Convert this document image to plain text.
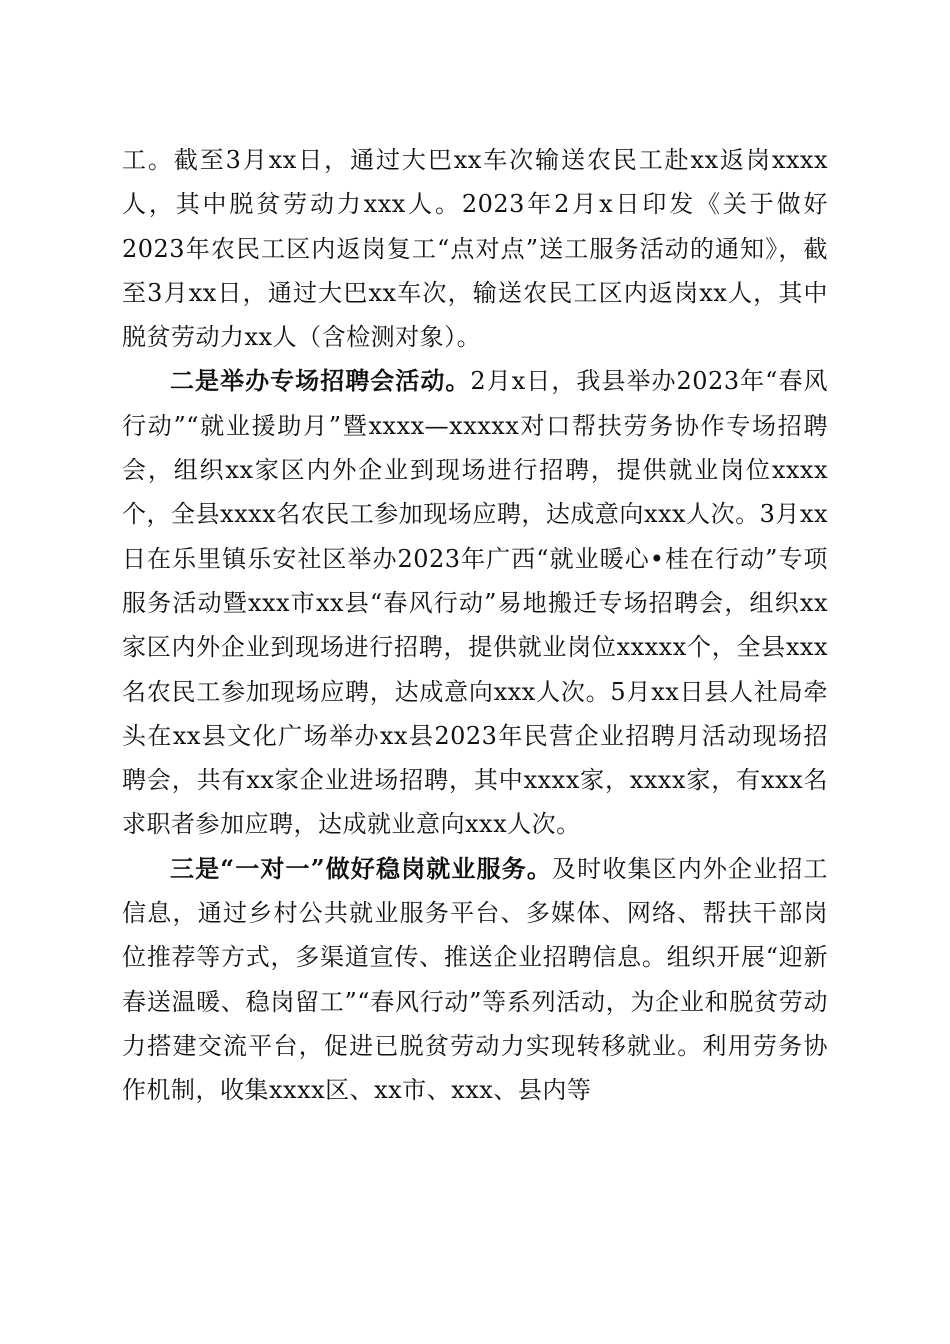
工。截至3月xx日，通过大巴xx车次输送农民工赴xx返岗xxxx人，其中脱贫劳动力xxx人。2023年2月x日印发《关于做好2023年农民工区内返岗复工“点对点”送工服务活动的通知》，截至3月xx日，通过大巴xx车次，输送农民工区内返岗xx人，其中脱贫劳动力xx人（含检测对象）。

二是举办专场招聘会活动。2月x日，我县举办2023年“春风行动”“就业援助月”暨xxxx—xxxxx对口帮扶劳务协作专场招聘会，组织xx家区内外企业到现场进行招聘，提供就业岗位xxxx个，全县xxxx名农民工参加现场应聘，达成意向xxx人次。3月xx日在乐里镇乐安社区举办2023年广西“就业暖心•桂在行动”专项服务活动暨xxx市xx县“春风行动”易地搬迁专场招聘会，组织xx家区内外企业到现场进行招聘，提供就业岗位xxxxx个，全县xxx名农民工参加现场应聘，达成意向xxx人次。5月xx日县人社局牵头在xx县文化广场举办xx县2023年民营企业招聘月活动现场招聘会，共有xx家企业进场招聘，其中xxxx家，xxxx家，有xxx名求职者参加应聘，达成就业意向xxx人次。

三是“一对一”做好稳岗就业服务。及时收集区内外企业招工信息，通过乡村公共就业服务平台、多媒体、网络、帮扶干部岗位推荐等方式，多渠道宣传、推送企业招聘信息。组织开展“迎新春送温暖、稳岗留工”“春风行动”等系列活动，为企业和脱贫劳动力搭建交流平台，促进已脱贫劳动力实现转移就业。利用劳务协作机制，收集xxxx区、xx市、xxx、县内等
